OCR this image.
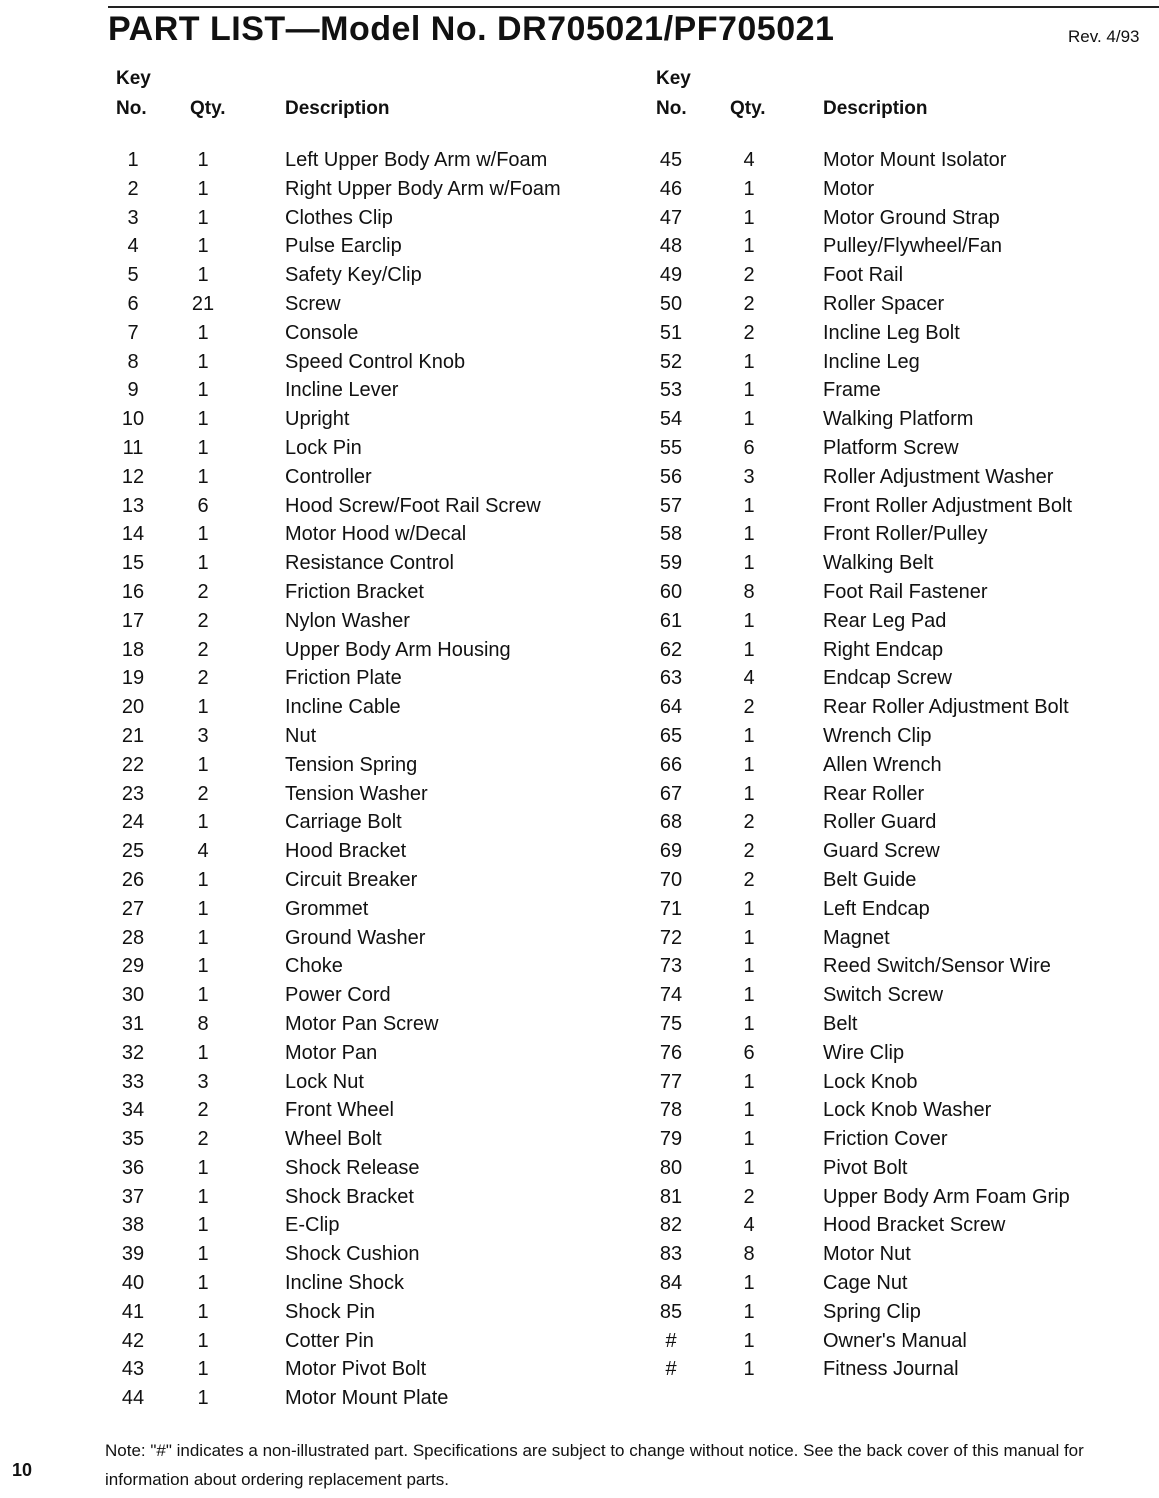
PART LIST—Model No. DR705021/PF705021	Rev. 4/93
Key
No. Qty.	Description
1	1	Left Upper Body Arm w/Foam
2	1	Right Upper Body Arm w/Foam
3	1	Clothes Clip
4	1	Pulse Earclip
5	1	Safety Key/Clip
6	21	Screw
7	1	Console
8	1	Speed Control Knob
9	1	Incline Lever
10	1	Upright
11	1	Lock Pin
12	1	Controller
13	6	Hood Screw/Foot Rail Screw
14	1	Motor Hood w/Decal
15	1	Resistance Control
16	2	Friction Bracket
17	2	Nylon Washer
18	2	Upper Body Arm Housing
19	2	Friction Plate
20	1	Incline Cable
21	3	Nut
22	1	Tension Spring
23	2	Tension Washer
24	1	Carriage Bolt
25	4	Hood Bracket
26	1	Circuit Breaker
27	1	Grommet
28	1	Ground Washer
29	1	Choke
30	1	Power Cord
31	8	Motor Pan Screw
32	1	Motor Pan
33	3	Lock Nut
34	2	Front Wheel
35	2	Wheel Bolt
36	1	Shock Release
37	1	Shock Bracket
38	1	E-Clip
39	1	Shock Cushion
40	1	Incline Shock
41	1	Shock Pin
42	1	Cotter Pin
43	1	Motor Pivot Bolt
44	1	Motor Mount Plate
Key
No. Qty.	Description
45	4	Motor Mount Isolator
46	1	Motor
47	1	Motor Ground Strap
48	1	Pulley/Flywheel/Fan
49	2	Foot Rail
50	2	Roller Spacer
51	2	Incline Leg Bolt
52	1	Incline Leg
53	1	Frame
54	1	Walking Platform
55	6	Platform Screw
56	3	Roller Adjustment Washer
57	1	Front Roller Adjustment Bolt
58	1	Front Roller/Pulley
59	1	Walking Belt
60	8	Foot Rail Fastener
61	1	Rear Leg Pad
62	1	Right Endcap
63	4	Endcap Screw
64	2	Rear Roller Adjustment Bolt
65	1	Wrench Clip
66	1	Allen Wrench
67	1	Rear Roller
68	2	Roller Guard
69	2	Guard Screw
70	2	Belt Guide
71	1	Left Endcap
72	1	Magnet
73	1	Reed Switch/Sensor Wire
74	1	Switch Screw
75	1	Belt
76	6	Wire Clip
77	1	Lock Knob
78	1	Lock Knob Washer
79	1	Friction Cover
80	1	Pivot Bolt
81	2	Upper Body Arm Foam Grip
82	4	Hood Bracket Screw
83	8	Motor Nut
84	1	Cage Nut
85	1	Spring Clip
#	1	Owner's Manual
#	1	Fitness Journal
Note: "#" indicates a non-illustrated part. Specifications are subject to change without notice. See the back cover of this manual for information about ordering replacement parts.
10
